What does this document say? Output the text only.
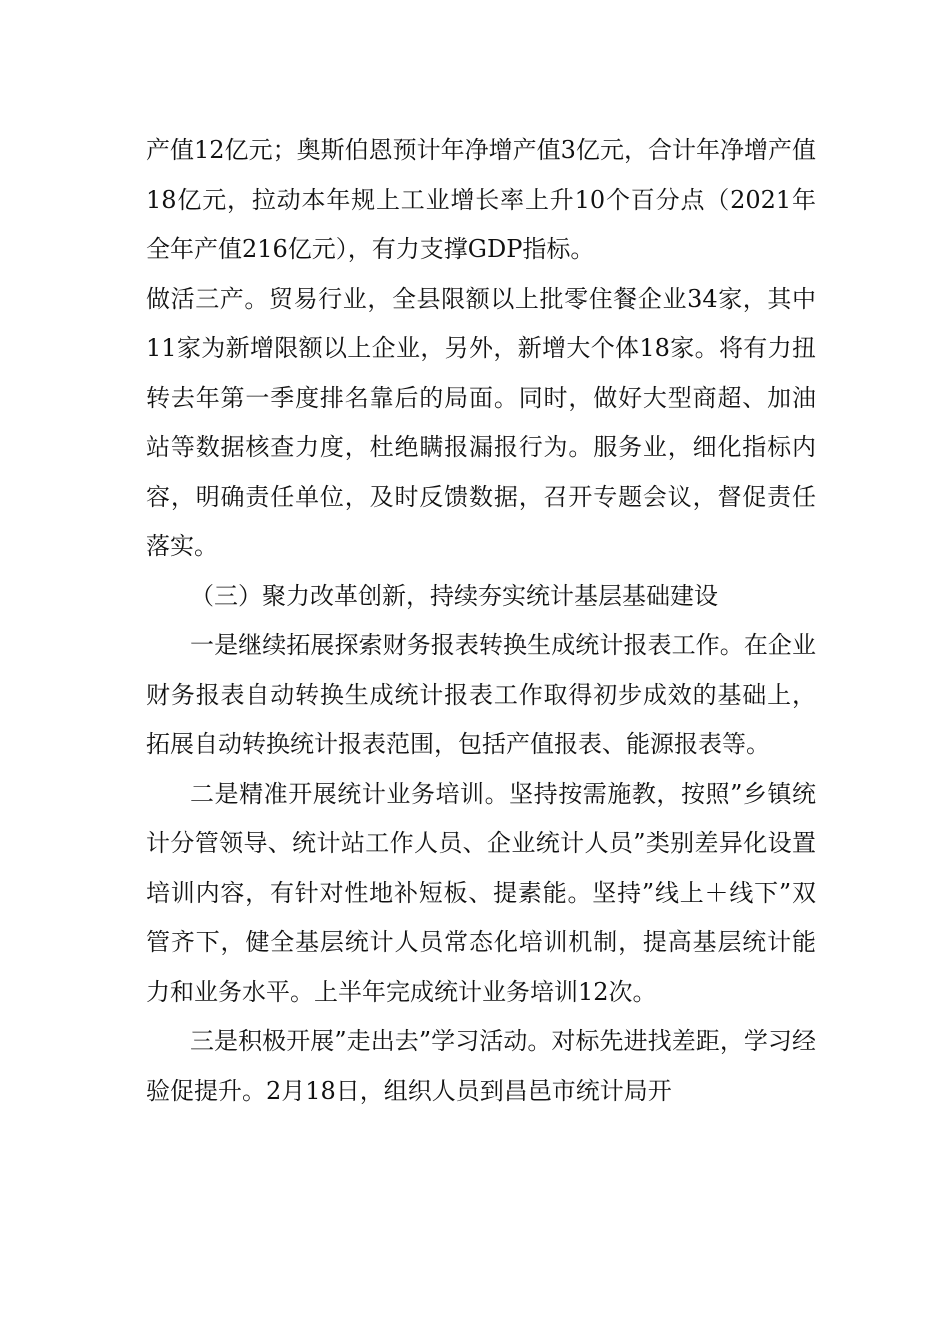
产值12亿元；奥斯伯恩预计年净增产值3亿元，合计年净增产值18亿元，拉动本年规上工业增长率上升10个百分点（2021年全年产值216亿元），有力支撑GDP指标。

做活三产。贸易行业，全县限额以上批零住餐企业34家，其中11家为新增限额以上企业，另外，新增大个体18家。将有力扭转去年第一季度排名靠后的局面。同时，做好大型商超、加油站等数据核查力度，杜绝瞒报漏报行为。服务业，细化指标内容，明确责任单位，及时反馈数据，召开专题会议，督促责任落实。

（三）聚力改革创新，持续夯实统计基层基础建设

一是继续拓展探索财务报表转换生成统计报表工作。在企业财务报表自动转换生成统计报表工作取得初步成效的基础上，拓展自动转换统计报表范围，包括产值报表、能源报表等。

二是精准开展统计业务培训。坚持按需施教，按照”乡镇统计分管领导、统计站工作人员、企业统计人员”类别差异化设置培训内容，有针对性地补短板、提素能。坚持”线上＋线下”双管齐下，健全基层统计人员常态化培训机制，提高基层统计能力和业务水平。上半年完成统计业务培训12次。

三是积极开展”走出去”学习活动。对标先进找差距，学习经验促提升。2月18日，组织人员到昌邑市统计局开
